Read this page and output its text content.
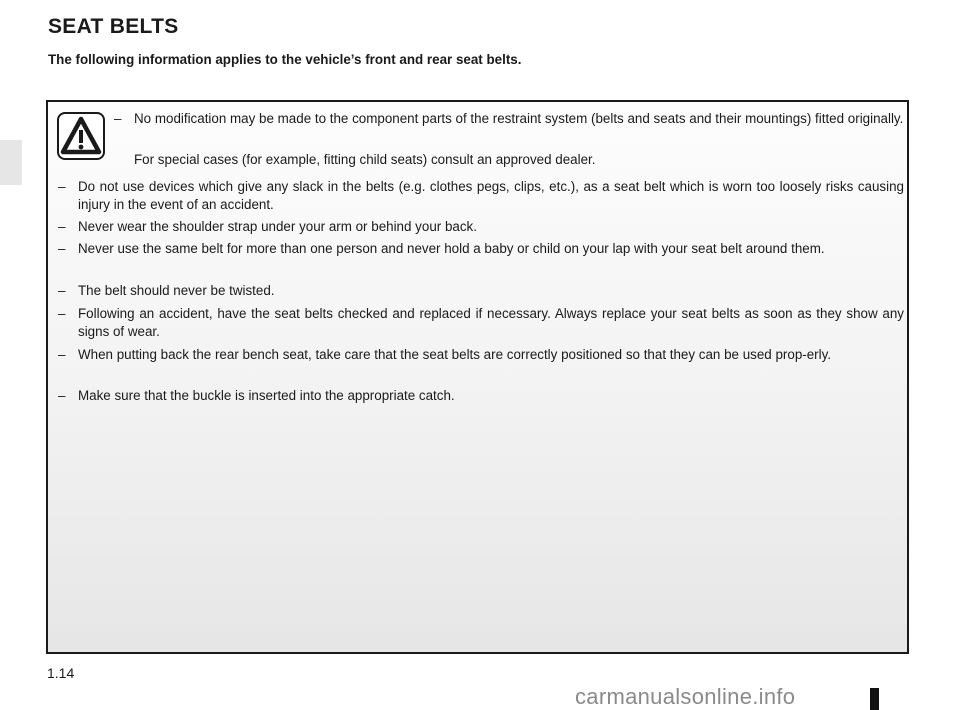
SEAT BELTS

The following information applies to the vehicle’s front and rear seat belts.

– No modification may be made to the component parts of the restraint system (belts and seats and their mountings) fitted originally.
For special cases (for example, fitting child seats) consult an approved dealer.
– Do not use devices which give any slack in the belts (e.g. clothes pegs, clips, etc.), as a seat belt which is worn too loosely risks causing injury in the event of an accident.
– Never wear the shoulder strap under your arm or behind your back.
– Never use the same belt for more than one person and never hold a baby or child on your lap with your seat belt around them.
– The belt should never be twisted.
– Following an accident, have the seat belts checked and replaced if necessary. Always replace your seat belts as soon as they show any signs of wear.
– When putting back the rear bench seat, take care that the seat belts are correctly positioned so that they can be used prop-erly.
– Make sure that the buckle is inserted into the appropriate catch.
1.14
carmanualsonline.info
